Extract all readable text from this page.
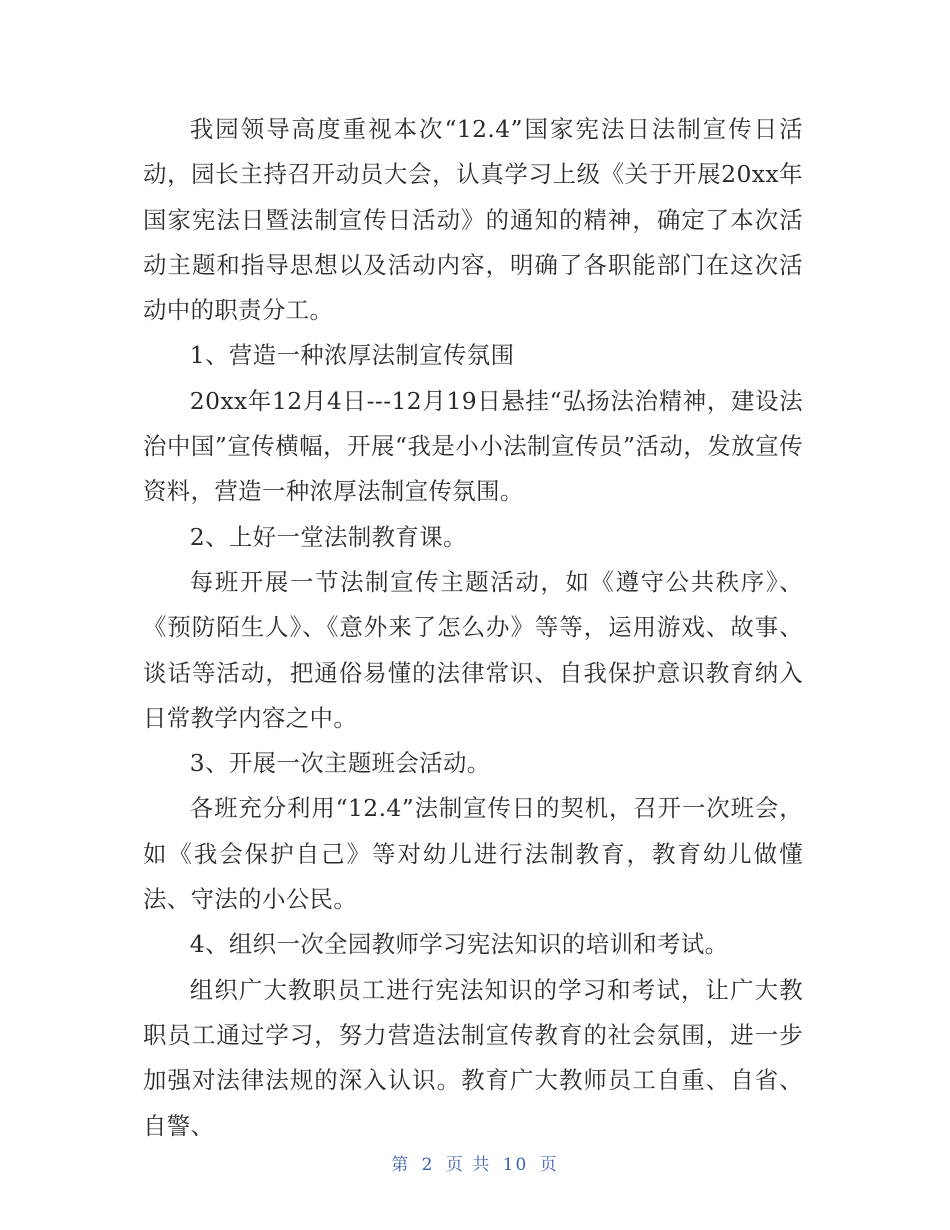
我园领导高度重视本次“12.4”国家宪法日法制宣传日活动，园长主持召开动员大会，认真学习上级《关于开展20xx年国家宪法日暨法制宣传日活动》的通知的精神，确定了本次活动主题和指导思想以及活动内容，明确了各职能部门在这次活动中的职责分工。

1、营造一种浓厚法制宣传氛围

20xx年12月4日---12月19日悬挂“弘扬法治精神，建设法治中国”宣传横幅，开展“我是小小法制宣传员”活动，发放宣传资料，营造一种浓厚法制宣传氛围。

2、上好一堂法制教育课。

每班开展一节法制宣传主题活动，如《遵守公共秩序》、《预防陌生人》、《意外来了怎么办》等等，运用游戏、故事、谈话等活动，把通俗易懂的法律常识、自我保护意识教育纳入日常教学内容之中。

3、开展一次主题班会活动。

各班充分利用“12.4”法制宣传日的契机，召开一次班会，如《我会保护自己》等对幼儿进行法制教育，教育幼儿做懂法、守法的小公民。

4、组织一次全园教师学习宪法知识的培训和考试。

组织广大教职员工进行宪法知识的学习和考试，让广大教职员工通过学习，努力营造法制宣传教育的社会氛围，进一步加强对法律法规的深入认识。教育广大教师员工自重、自省、自警、

第 2 页 共 10 页
